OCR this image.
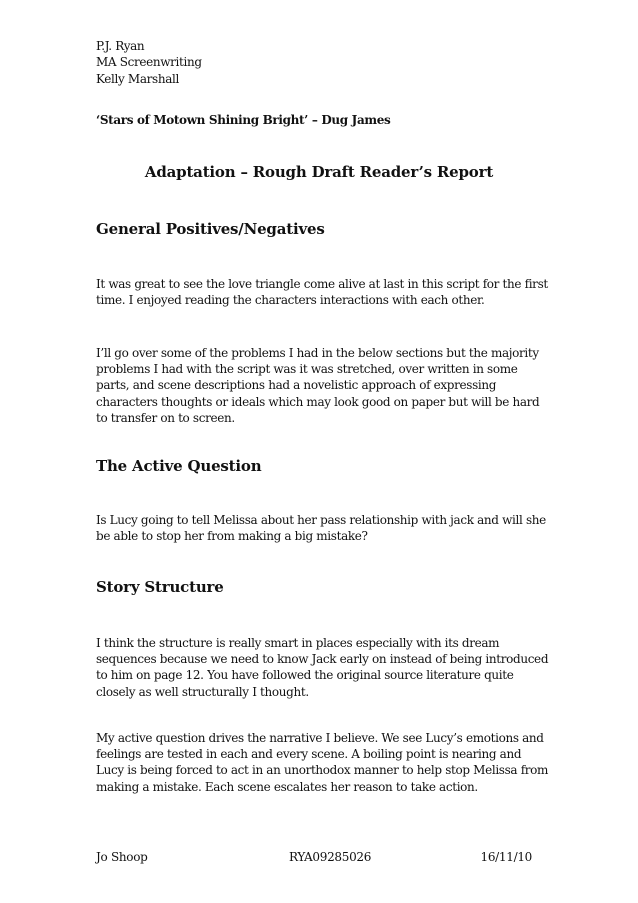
P.J. Ryan

MA Screenwriting

Kelly Marshall

‘Stars of Motown Shining Bright’ – Dug James
Adaptation – Rough Draft Reader’s Report
General Positives/Negatives

It was great to see the love triangle come alive at last in this script for the first time. I enjoyed reading the characters interactions with each other.

I’ll go over some of the problems I had in the below sections but the majority problems I had with the script was it was stretched, over written in some parts, and scene descriptions had a novelistic approach of expressing characters thoughts or ideals which may look good on paper but will be hard to transfer on to screen.

The Active Question

Is Lucy going to tell Melissa about her pass relationship with jack and will she be able to stop her from making a big mistake?

Story Structure

I think the structure is really smart in places especially with its dream sequences because we need to know Jack early on instead of being introduced to him on page 12. You have followed the original source literature quite closely as well structurally I thought.

My active question drives the narrative I believe. We see Lucy’s emotions and feelings are tested in each and every scene. A boiling point is nearing and Lucy is being forced to act in an unorthodox manner to help stop Melissa from making a mistake. Each scene escalates her reason to take action.

Jo Shoop	RYA09285026	16/11/10
